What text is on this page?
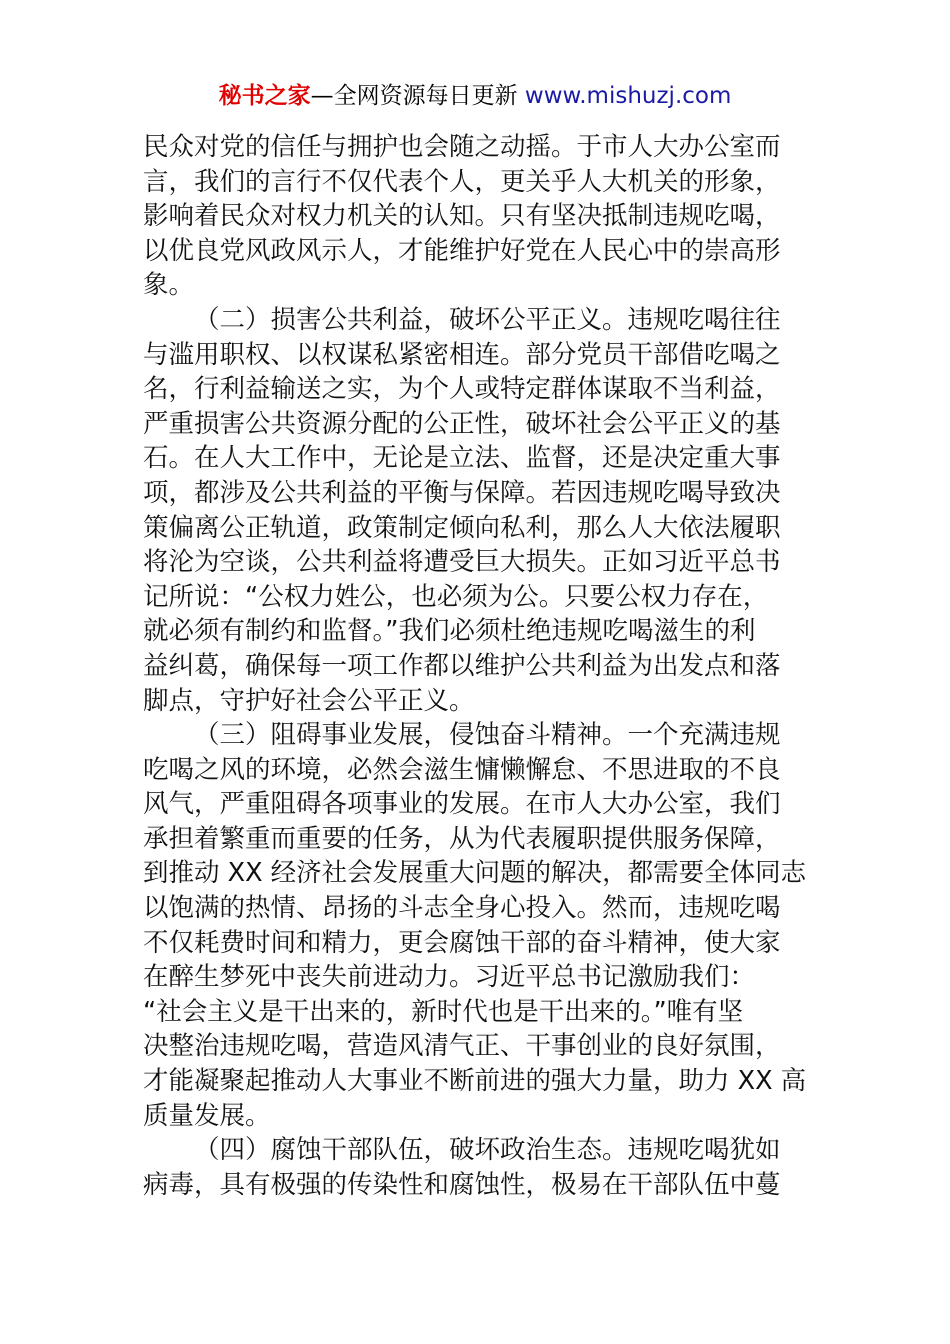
秘书之家—全网资源每日更新 www.mishuzj.com
民众对党的信任与拥护也会随之动摇。于市人大办公室而
言，我们的言行不仅代表个人，更关乎人大机关的形象，
影响着民众对权力机关的认知。只有坚决抵制违规吃喝，
以优良党风政风示人，才能维护好党在人民心中的崇高形
象。
（二）损害公共利益，破坏公平正义。违规吃喝往往
与滥用职权、以权谋私紧密相连。部分党员干部借吃喝之
名，行利益输送之实，为个人或特定群体谋取不当利益，
严重损害公共资源分配的公正性，破坏社会公平正义的基
石。在人大工作中，无论是立法、监督，还是决定重大事
项，都涉及公共利益的平衡与保障。若因违规吃喝导致决
策偏离公正轨道，政策制定倾向私利，那么人大依法履职
将沦为空谈，公共利益将遭受巨大损失。正如习近平总书
记所说：“公权力姓公，也必须为公。只要公权力存在，
就必须有制约和监督。”我们必须杜绝违规吃喝滋生的利
益纠葛，确保每一项工作都以维护公共利益为出发点和落
脚点，守护好社会公平正义。
（三）阻碍事业发展，侵蚀奋斗精神。一个充满违规
吃喝之风的环境，必然会滋生慵懒懈怠、不思进取的不良
风气，严重阻碍各项事业的发展。在市人大办公室，我们
承担着繁重而重要的任务，从为代表履职提供服务保障，
到推动 XX 经济社会发展重大问题的解决，都需要全体同志
以饱满的热情、昂扬的斗志全身心投入。然而，违规吃喝
不仅耗费时间和精力，更会腐蚀干部的奋斗精神，使大家
在醉生梦死中丧失前进动力。习近平总书记激励我们：
“社会主义是干出来的，新时代也是干出来的。”唯有坚
决整治违规吃喝，营造风清气正、干事创业的良好氛围，
才能凝聚起推动人大事业不断前进的强大力量，助力 XX 高
质量发展。
（四）腐蚀干部队伍，破坏政治生态。违规吃喝犹如
病毒，具有极强的传染性和腐蚀性，极易在干部队伍中蔓
